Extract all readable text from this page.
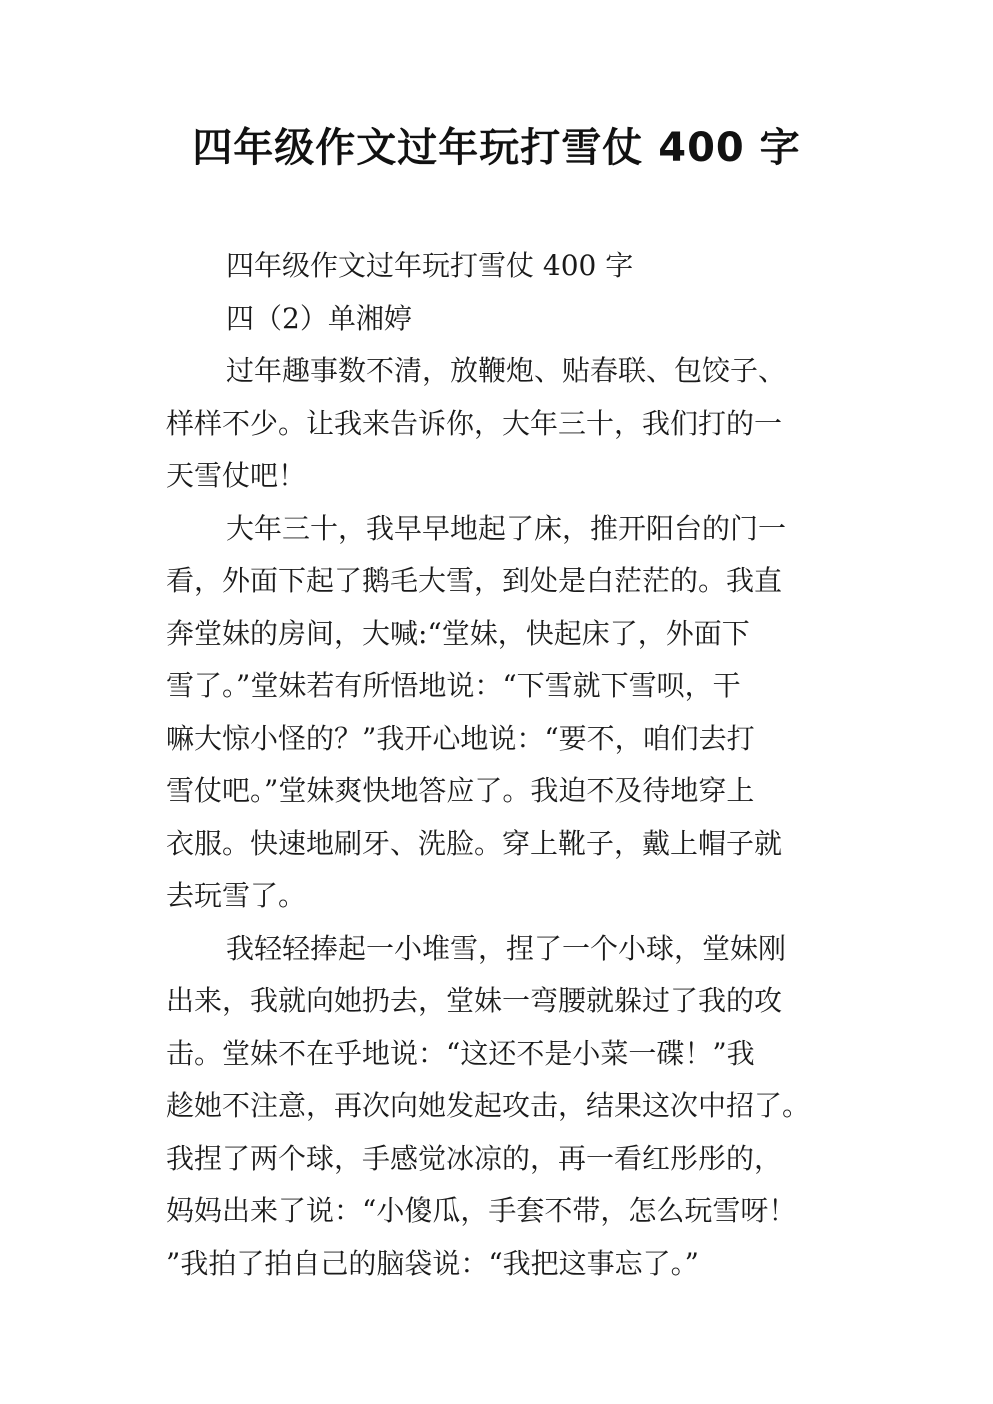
四年级作文过年玩打雪仗 400 字
四年级作文过年玩打雪仗 400 字
四（2）单湘婷
过年趣事数不清，放鞭炮、贴春联、包饺子、
样样不少。让我来告诉你，大年三十，我们打的一
天雪仗吧！
大年三十，我早早地起了床，推开阳台的门一
看，外面下起了鹅毛大雪，到处是白茫茫的。我直
奔堂妹的房间，大喊:“堂妹，快起床了，外面下
雪了。”堂妹若有所悟地说：“下雪就下雪呗，干
嘛大惊小怪的？”我开心地说：“要不，咱们去打
雪仗吧。”堂妹爽快地答应了。我迫不及待地穿上
衣服。快速地刷牙、洗脸。穿上靴子，戴上帽子就
去玩雪了。
我轻轻捧起一小堆雪，捏了一个小球，堂妹刚
出来，我就向她扔去，堂妹一弯腰就躲过了我的攻
击。堂妹不在乎地说：“这还不是小菜一碟！”我
趁她不注意，再次向她发起攻击，结果这次中招了。
我捏了两个球，手感觉冰凉的，再一看红彤彤的，
妈妈出来了说：“小傻瓜，手套不带，怎么玩雪呀！
”我拍了拍自己的脑袋说：“我把这事忘了。”
